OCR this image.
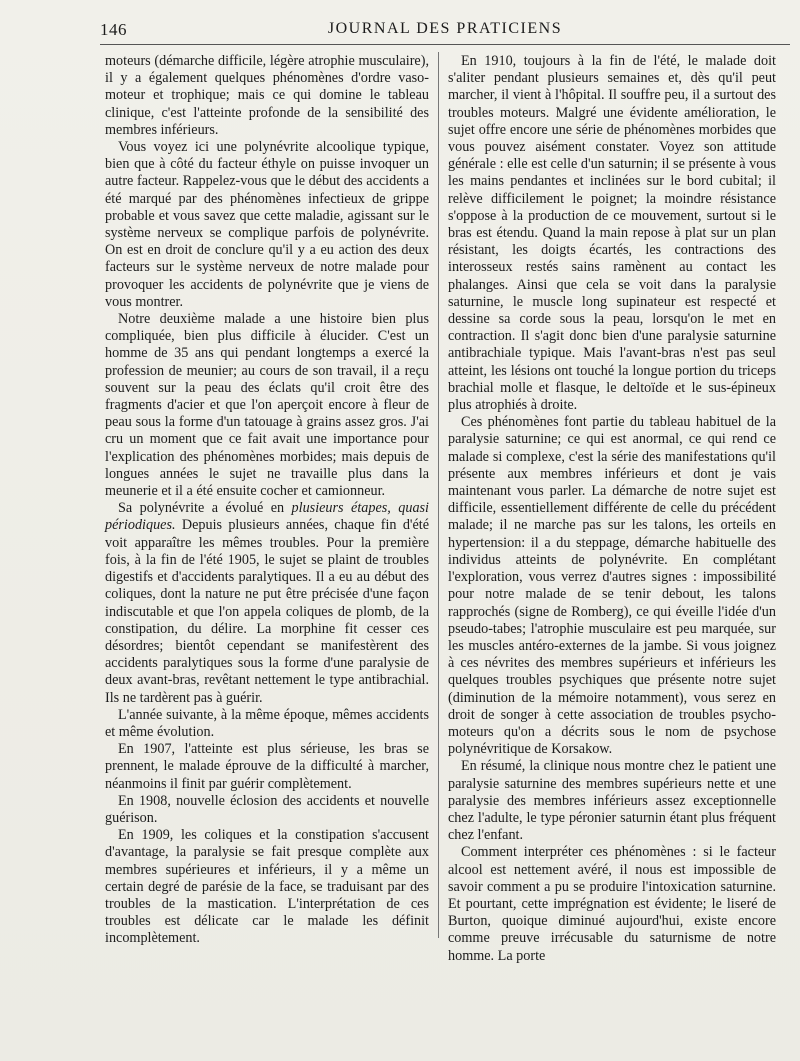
146	JOURNAL DES PRATICIENS

moteurs (démarche difficile, légère atrophie musculaire), il y a également quelques phénomènes d'ordre vaso-moteur et trophique; mais ce qui domine le tableau clinique, c'est l'atteinte profonde de la sensibilité des membres inférieurs.

Vous voyez ici une polynévrite alcoolique typique, bien que à côté du facteur éthyle on puisse invoquer un autre facteur. Rappelez-vous que le début des accidents a été marqué par des phénomènes infectieux de grippe probable et vous savez que cette maladie, agissant sur le système nerveux se complique parfois de polynévrite. On est en droit de conclure qu'il y a eu action des deux facteurs sur le système nerveux de notre malade pour provoquer les accidents de polynévrite que je viens de vous montrer.

Notre deuxième malade a une histoire bien plus compliquée, bien plus difficile à élucider. C'est un homme de 35 ans qui pendant longtemps a exercé la profession de meunier; au cours de son travail, il a reçu souvent sur la peau des éclats qu'il croit être des fragments d'acier et que l'on aperçoit encore à fleur de peau sous la forme d'un tatouage à grains assez gros. J'ai cru un moment que ce fait avait une importance pour l'explication des phénomènes morbides; mais depuis de longues années le sujet ne travaille plus dans la meunerie et il a été ensuite cocher et camionneur.

Sa polynévrite a évolué en plusieurs étapes, quasi périodiques. Depuis plusieurs années, chaque fin d'été voit apparaître les mêmes troubles. Pour la première fois, à la fin de l'été 1905, le sujet se plaint de troubles digestifs et d'accidents paralytiques. Il a eu au début des coliques, dont la nature ne put être précisée d'une façon indiscutable et que l'on appela coliques de plomb, de la constipation, du délire. La morphine fit cesser ces désordres; bientôt cependant se manifestèrent des accidents paralytiques sous la forme d'une paralysie de deux avant-bras, revêtant nettement le type antibrachial. Ils ne tardèrent pas à guérir.

L'année suivante, à la même époque, mêmes accidents et même évolution.

En 1907, l'atteinte est plus sérieuse, les bras se prennent, le malade éprouve de la difficulté à marcher, néanmoins il finit par guérir complètement.

En 1908, nouvelle éclosion des accidents et nouvelle guérison.

En 1909, les coliques et la constipation s'accusent d'avantage, la paralysie se fait presque complète aux membres supérieures et inférieurs, il y a même un certain degré de parésie de la face, se traduisant par des troubles de la mastication. L'interprétation de ces troubles est délicate car le malade les définit incomplètement.

En 1910, toujours à la fin de l'été, le malade doit s'aliter pendant plusieurs semaines et, dès qu'il peut marcher, il vient à l'hôpital. Il souffre peu, il a surtout des troubles moteurs. Malgré une évidente amélioration, le sujet offre encore une série de phénomènes morbides que vous pouvez aisément constater. Voyez son attitude générale : elle est celle d'un saturnin; il se présente à vous les mains pendantes et inclinées sur le bord cubital; il relève difficilement le poignet; la moindre résistance s'oppose à la production de ce mouvement, surtout si le bras est étendu. Quand la main repose à plat sur un plan résistant, les doigts écartés, les contractions des interosseux restés sains ramènent au contact les phalanges. Ainsi que cela se voit dans la paralysie saturnine, le muscle long supinateur est respecté et dessine sa corde sous la peau, lorsqu'on le met en contraction. Il s'agit donc bien d'une paralysie saturnine antibrachiale typique. Mais l'avant-bras n'est pas seul atteint, les lésions ont touché la longue portion du triceps brachial molle et flasque, le deltoïde et le sus-épineux plus atrophiés à droite.

Ces phénomènes font partie du tableau habituel de la paralysie saturnine; ce qui est anormal, ce qui rend ce malade si complexe, c'est la série des manifestations qu'il présente aux membres inférieurs et dont je vais maintenant vous parler. La démarche de notre sujet est difficile, essentiellement différente de celle du précédent malade; il ne marche pas sur les talons, les orteils en hypertension: il a du steppage, démarche habituelle des individus atteints de polynévrite. En complétant l'exploration, vous verrez d'autres signes : impossibilité pour notre malade de se tenir debout, les talons rapprochés (signe de Romberg), ce qui éveille l'idée d'un pseudo-tabes; l'atrophie musculaire est peu marquée, sur les muscles antéro-externes de la jambe. Si vous joignez à ces névrites des membres supérieurs et inférieurs les quelques troubles psychiques que présente notre sujet (diminution de la mémoire notamment), vous serez en droit de songer à cette association de troubles psycho-moteurs qu'on a décrits sous le nom de psychose polynévritique de Korsakow.

En résumé, la clinique nous montre chez le patient une paralysie saturnine des membres supérieurs nette et une paralysie des membres inférieurs assez exceptionnelle chez l'adulte, le type péronier saturnin étant plus fréquent chez l'enfant.

Comment interpréter ces phénomènes : si le facteur alcool est nettement avéré, il nous est impossible de savoir comment a pu se produire l'intoxication saturnine. Et pourtant, cette imprégnation est évidente; le liseré de Burton, quoique diminué aujourd'hui, existe encore comme preuve irrécusable du saturnisme de notre homme. La porte
